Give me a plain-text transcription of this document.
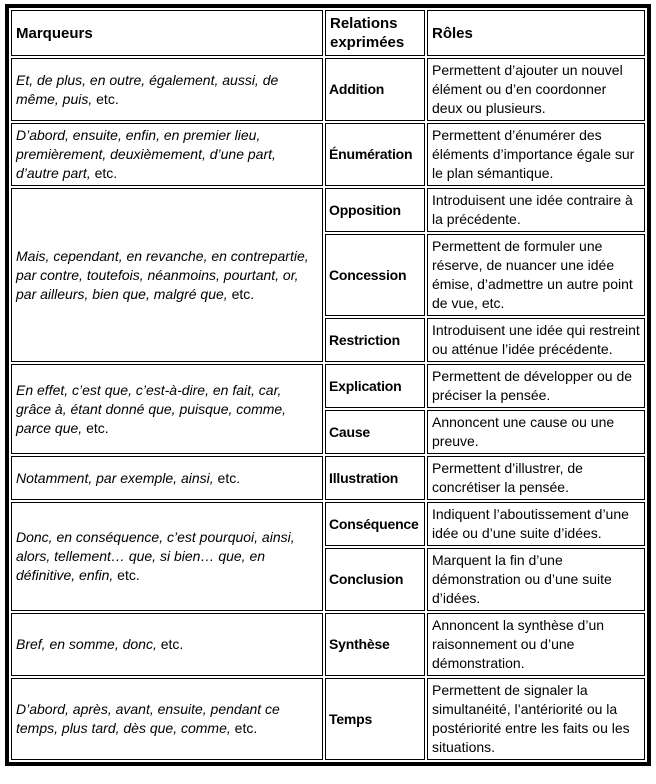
Marqueurs	Relations exprimées	Rôles
Et, de plus, en outre, également, aussi, de même, puis, etc.	Addition	Permettent d’ajouter un nouvel élément ou d’en coordonner deux ou plusieurs.
D’abord, ensuite, enfin, en premier lieu, premièrement, deuxièmement, d’une part, d’autre part, etc.	Énumération	Permettent d’énumérer des éléments d’importance égale sur le plan sémantique.
Mais, cependant, en revanche, en contrepartie, par contre, toutefois, néanmoins, pourtant, or, par ailleurs, bien que, malgré que, etc.	Opposition	Introduisent une idée contraire à la précédente.
	Concession	Permettent de formuler une réserve, de nuancer une idée émise, d’admettre un autre point de vue, etc.
	Restriction	Introduisent une idée qui restreint ou atténue l’idée précédente.
En effet, c’est que, c’est-à-dire, en fait, car, grâce à, étant donné que, puisque, comme, parce que, etc.	Explication	Permettent de développer ou de préciser la pensée.
	Cause	Annoncent une cause ou une preuve.
Notamment, par exemple, ainsi, etc.	Illustration	Permettent d’illustrer, de concrétiser la pensée.
Donc, en conséquence, c’est pourquoi, ainsi, alors, tellement… que, si bien… que, en définitive, enfin, etc.	Conséquence	Indiquent l’aboutissement d’une idée ou d’une suite d’idées.
	Conclusion	Marquent la fin d’une démonstration ou d’une suite d’idées.
Bref, en somme, donc, etc.	Synthèse	Annoncent la synthèse d’un raisonnement ou d’une démonstration.
D’abord, après, avant, ensuite, pendant ce temps, plus tard, dès que, comme, etc.	Temps	Permettent de signaler la simultanéité, l’antériorité ou la postériorité entre les faits ou les situations.
